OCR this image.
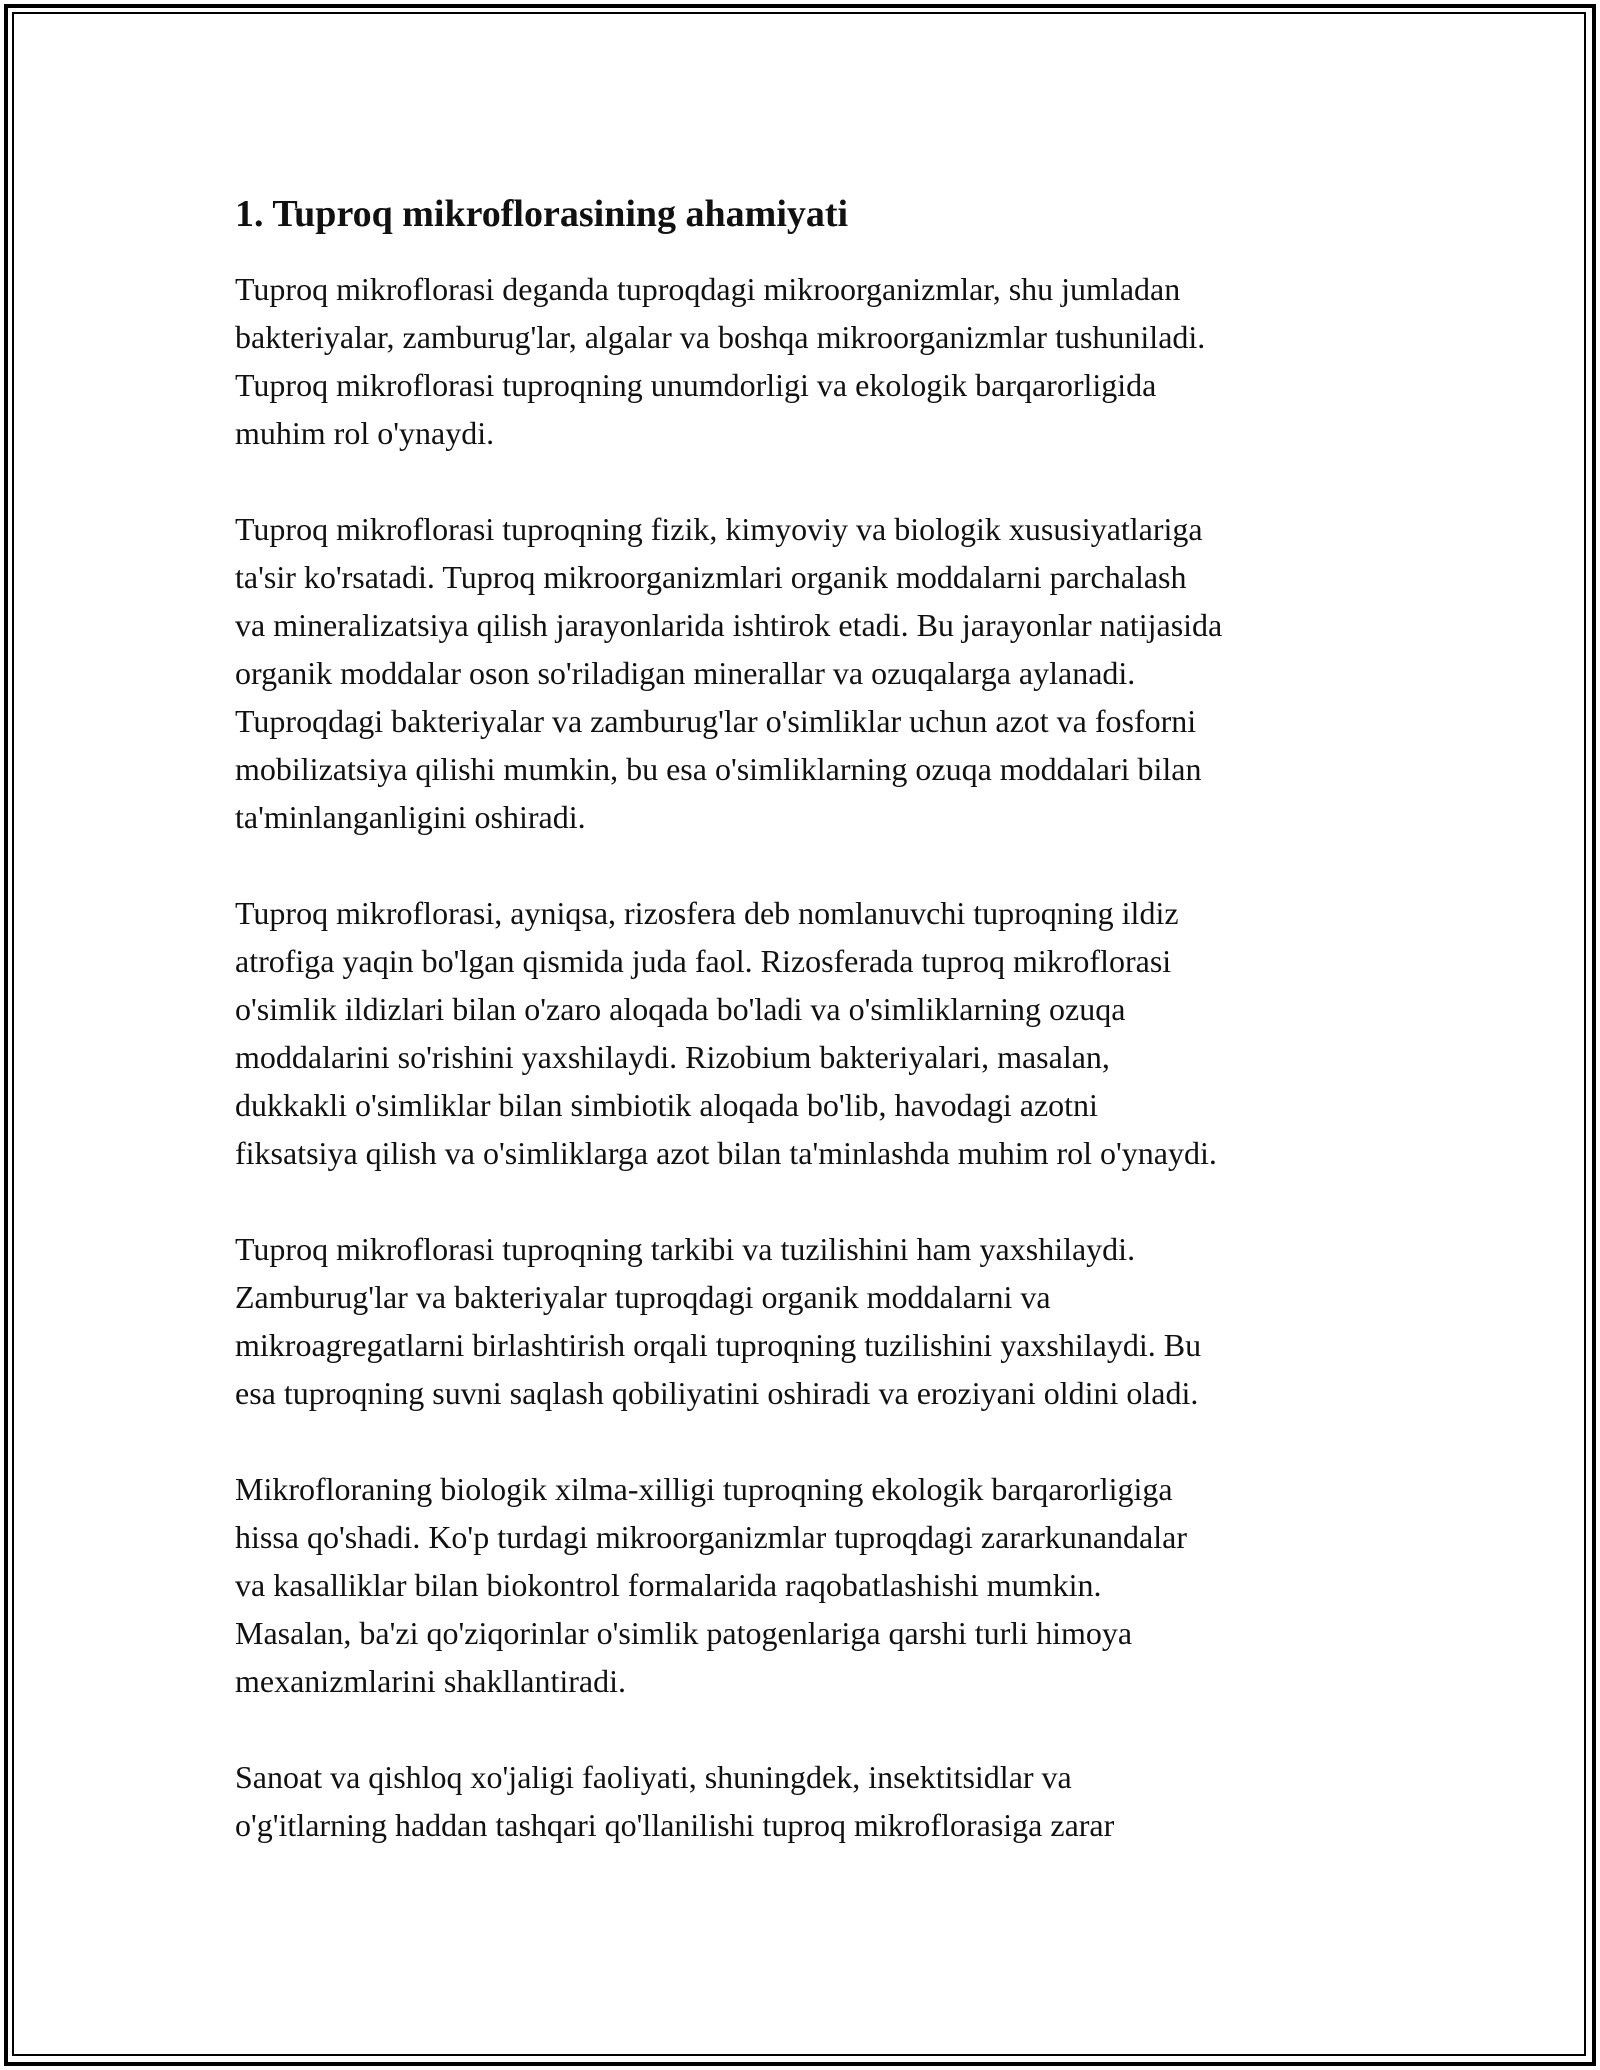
1. Tuproq mikroflorasining ahamiyati
Tuproq mikroflorasi deganda tuproqdagi mikroorganizmlar, shu jumladan
bakteriyalar, zamburug'lar, algalar va boshqa mikroorganizmlar tushuniladi.
Tuproq mikroflorasi tuproqning unumdorligi va ekologik barqarorligida
muhim rol o'ynaydi.
Tuproq mikroflorasi tuproqning fizik, kimyoviy va biologik xususiyatlariga
ta'sir ko'rsatadi. Tuproq mikroorganizmlari organik moddalarni parchalash
va mineralizatsiya qilish jarayonlarida ishtirok etadi. Bu jarayonlar natijasida
organik moddalar oson so'riladigan minerallar va ozuqalarga aylanadi.
Tuproqdagi bakteriyalar va zamburug'lar o'simliklar uchun azot va fosforni
mobilizatsiya qilishi mumkin, bu esa o'simliklarning ozuqa moddalari bilan
ta'minlanganligini oshiradi.
Tuproq mikroflorasi, ayniqsa, rizosfera deb nomlanuvchi tuproqning ildiz
atrofiga yaqin bo'lgan qismida juda faol. Rizosferada tuproq mikroflorasi
o'simlik ildizlari bilan o'zaro aloqada bo'ladi va o'simliklarning ozuqa
moddalarini so'rishini yaxshilaydi. Rizobium bakteriyalari, masalan,
dukkakli o'simliklar bilan simbiotik aloqada bo'lib, havodagi azotni
fiksatsiya qilish va o'simliklarga azot bilan ta'minlashda muhim rol o'ynaydi.
Tuproq mikroflorasi tuproqning tarkibi va tuzilishini ham yaxshilaydi.
Zamburug'lar va bakteriyalar tuproqdagi organik moddalarni va
mikroagregatlarni birlashtirish orqali tuproqning tuzilishini yaxshilaydi. Bu
esa tuproqning suvni saqlash qobiliyatini oshiradi va eroziyani oldini oladi.
Mikrofloraning biologik xilma-xilligi tuproqning ekologik barqarorligiga
hissa qo'shadi. Ko'p turdagi mikroorganizmlar tuproqdagi zararkunandalar
va kasalliklar bilan biokontrol formalarida raqobatlashishi mumkin.
Masalan, ba'zi qo'ziqorinlar o'simlik patogenlariga qarshi turli himoya
mexanizmlarini shakllantiradi.
Sanoat va qishloq xo'jaligi faoliyati, shuningdek, insektitsidlar va
o'g'itlarning haddan tashqari qo'llanilishi tuproq mikroflorasiga zarar
